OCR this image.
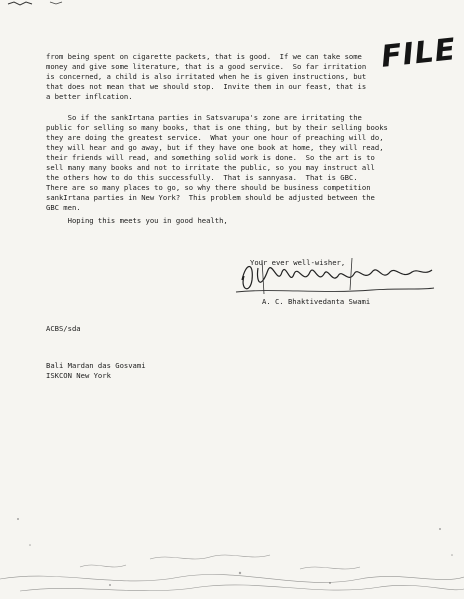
FILE
from being spent on cigarette packets, that is good.  If we can take some
money and give some literature, that is a good service.  So far irritation
is concerned, a child is also irritated when he is given instructions, but
that does not mean that we should stop.  Invite them in our feast, that is
a better inflcation.
So if the sankIrtana parties in Satsvarupa's zone are irritating the
public for selling so many books, that is one thing, but by their selling books
they are doing the greatest service.  What your one hour of preaching will do,
they will hear and go away, but if they have one book at home, they will read,
their friends will read, and something solid work is done.  So the art is to
sell many many books and not to irritate the public, so you may instruct all
the others how to do this successfully.  That is sannyasa.  That is GBC.
There are so many places to go, so why there should be business competition
sankIrtana parties in New York?  This problem should be adjusted between the
GBC men.
Hoping this meets you in good health,
Your ever well-wisher,
A. C. Bhaktivedanta Swami
ACBS/sda
Bali Mardan das Gosvami
ISKCON New York
